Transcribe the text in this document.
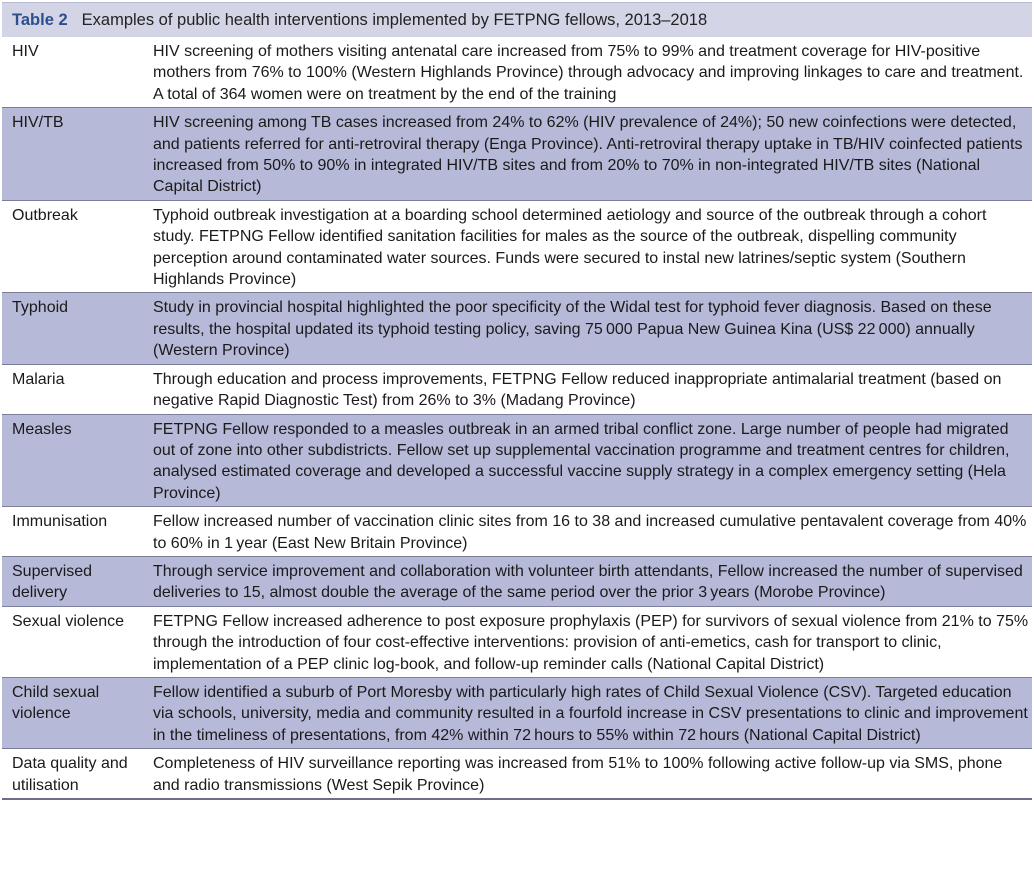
Table 2 Examples of public health interventions implemented by FETPNG fellows, 2013–2018
HIV	HIV screening of mothers visiting antenatal care increased from 75% to 99% and treatment coverage for HIV-positive mothers from 76% to 100% (Western Highlands Province) through advocacy and improving linkages to care and treatment. A total of 364 women were on treatment by the end of the training
HIV/TB	HIV screening among TB cases increased from 24% to 62% (HIV prevalence of 24%); 50 new coinfections were detected, and patients referred for anti-retroviral therapy (Enga Province). Anti-retroviral therapy uptake in TB/HIV coinfected patients increased from 50% to 90% in integrated HIV/TB sites and from 20% to 70% in non-integrated HIV/TB sites (National Capital District)
Outbreak	Typhoid outbreak investigation at a boarding school determined aetiology and source of the outbreak through a cohort study. FETPNG Fellow identified sanitation facilities for males as the source of the outbreak, dispelling community perception around contaminated water sources. Funds were secured to instal new latrines/septic system (Southern Highlands Province)
Typhoid	Study in provincial hospital highlighted the poor specificity of the Widal test for typhoid fever diagnosis. Based on these results, the hospital updated its typhoid testing policy, saving 75 000 Papua New Guinea Kina (US$ 22 000) annually (Western Province)
Malaria	Through education and process improvements, FETPNG Fellow reduced inappropriate antimalarial treatment (based on negative Rapid Diagnostic Test) from 26% to 3% (Madang Province)
Measles	FETPNG Fellow responded to a measles outbreak in an armed tribal conflict zone. Large number of people had migrated out of zone into other subdistricts. Fellow set up supplemental vaccination programme and treatment centres for children, analysed estimated coverage and developed a successful vaccine supply strategy in a complex emergency setting (Hela Province)
Immunisation	Fellow increased number of vaccination clinic sites from 16 to 38 and increased cumulative pentavalent coverage from 40% to 60% in 1 year (East New Britain Province)
Supervised delivery	Through service improvement and collaboration with volunteer birth attendants, Fellow increased the number of supervised deliveries to 15, almost double the average of the same period over the prior 3 years (Morobe Province)
Sexual violence	FETPNG Fellow increased adherence to post exposure prophylaxis (PEP) for survivors of sexual violence from 21% to 75% through the introduction of four cost-effective interventions: provision of anti-emetics, cash for transport to clinic, implementation of a PEP clinic log-book, and follow-up reminder calls (National Capital District)
Child sexual violence	Fellow identified a suburb of Port Moresby with particularly high rates of Child Sexual Violence (CSV). Targeted education via schools, university, media and community resulted in a fourfold increase in CSV presentations to clinic and improvement in the timeliness of presentations, from 42% within 72 hours to 55% within 72 hours (National Capital District)
Data quality and utilisation	Completeness of HIV surveillance reporting was increased from 51% to 100% following active follow-up via SMS, phone and radio transmissions (West Sepik Province)
